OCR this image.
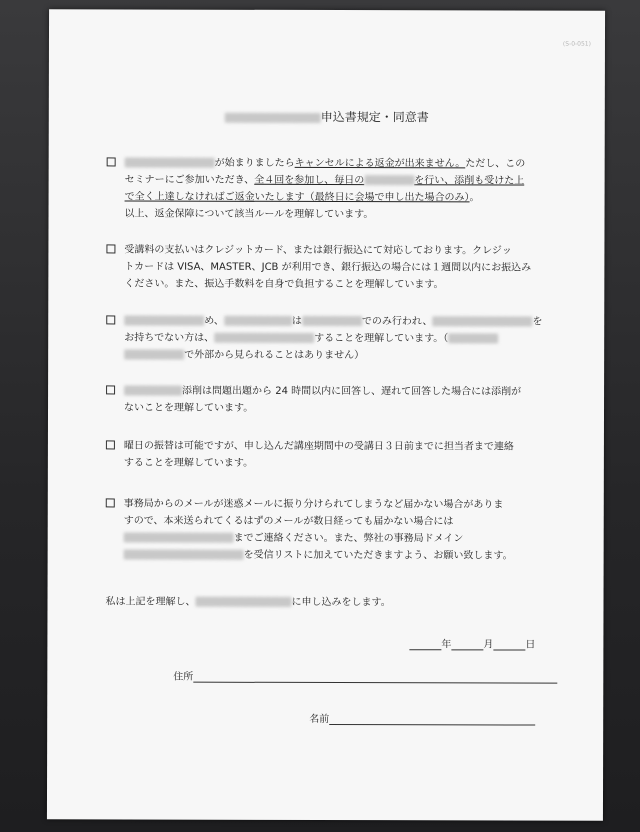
(S-0-051)
申込書規定・同意書
が始まりましたらキャンセルによる返金が出来ません。ただし、この
セミナーにご参加いただき、全４回を参加し、毎日の	を行い、添削も受けた上
で全く上達しなければご返金いたします（最終日に会場で申し出た場合のみ）。
以上、返金保障について該当ルールを理解しています。
受講料の支払いはクレジットカード、または銀行振込にて対応しております。クレジッ
トカードは VISA、MASTER、JCB が利用でき、銀行振込の場合には１週間以内にお振込み
ください。また、振込手数料を自身で負担することを理解しています。
め、	は	でのみ行われ、	を
お持ちでない方は、	することを理解しています。（
で外部から見られることはありません）
添削は問題出題から 24 時間以内に回答し、遅れて回答した場合には添削が
ないことを理解しています。
曜日の振替は可能ですが、申し込んだ講座期間中の受講日３日前までに担当者まで連絡
することを理解しています。
事務局からのメールが迷惑メールに振り分けられてしまうなど届かない場合がありま
すので、本来送られてくるはずのメールが数日経っても届かない場合には
までご連絡ください。また、弊社の事務局ドメイン
を受信リストに加えていただきますよう、お願い致します。
私は上記を理解し、	に申し込みをします。
年	月	日
住所
名前
